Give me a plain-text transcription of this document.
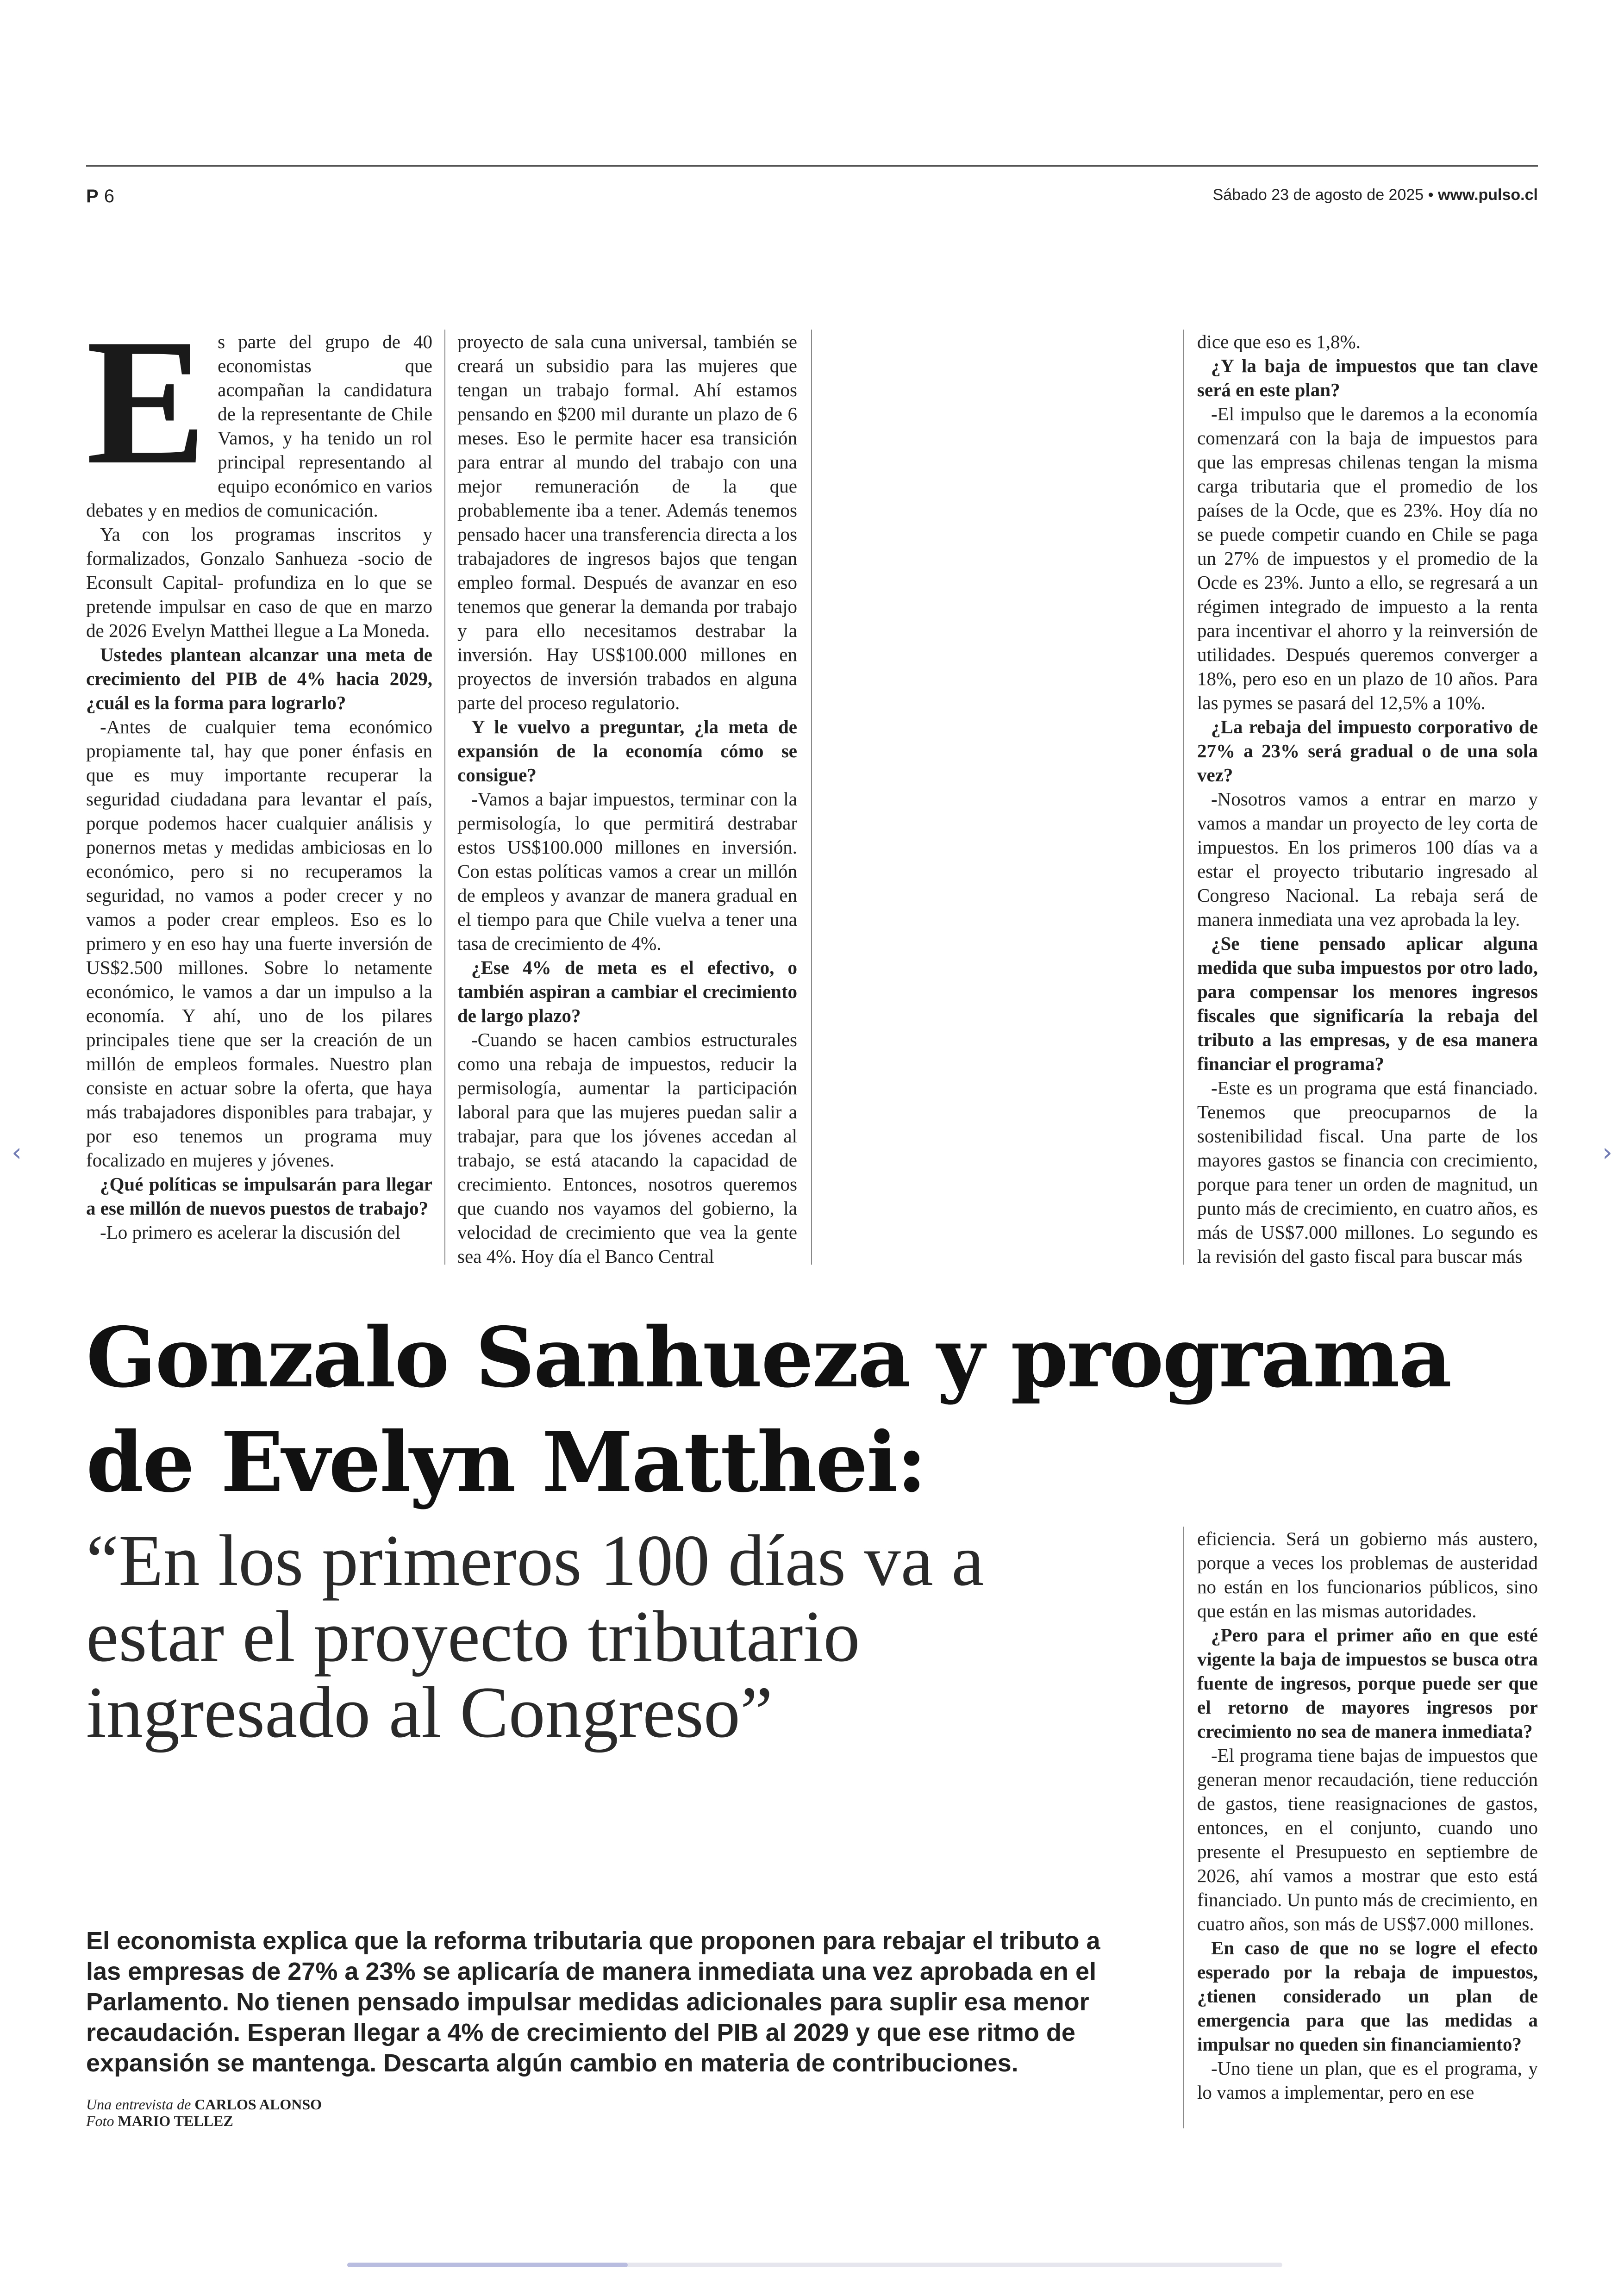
P 6	Sábado 23 de agosto de 2025 • www.pulso.cl
E s parte del grupo de 40 economistas que acompañan la candidatura de la representante de Chile Vamos, y ha tenido un rol principal representando al equipo económico en varios debates y en medios de comunicación.

Ya con los programas inscritos y formalizados, Gonzalo Sanhueza -socio de Econsult Capital- profundiza en lo que se pretende impulsar en caso de que en marzo de 2026 Evelyn Matthei llegue a La Moneda.

Ustedes plantean alcanzar una meta de crecimiento del PIB de 4% hacia 2029, ¿cuál es la forma para lograrlo?

-Antes de cualquier tema económico propiamente tal, hay que poner énfasis en que es muy importante recuperar la seguridad ciudadana para levantar el país, porque podemos hacer cualquier análisis y ponernos metas y medidas ambiciosas en lo económico, pero si no recuperamos la seguridad, no vamos a poder crecer y no vamos a poder crear empleos. Eso es lo primero y en eso hay una fuerte inversión de US$2.500 millones. Sobre lo netamente económico, le vamos a dar un impulso a la economía. Y ahí, uno de los pilares principales tiene que ser la creación de un millón de empleos formales. Nuestro plan consiste en actuar sobre la oferta, que haya más trabajadores disponibles para trabajar, y por eso tenemos un programa muy focalizado en mujeres y jóvenes.

¿Qué políticas se impulsarán para llegar a ese millón de nuevos puestos de trabajo?

-Lo primero es acelerar la discusión del

proyecto de sala cuna universal, también se creará un subsidio para las mujeres que tengan un trabajo formal. Ahí estamos pensando en $200 mil durante un plazo de 6 meses. Eso le permite hacer esa transición para entrar al mundo del trabajo con una mejor remuneración de la que probablemente iba a tener. Además tenemos pensado hacer una transferencia directa a los trabajadores de ingresos bajos que tengan empleo formal. Después de avanzar en eso tenemos que generar la demanda por trabajo y para ello necesitamos destrabar la inversión. Hay US$100.000 millones en proyectos de inversión trabados en alguna parte del proceso regulatorio.

Y le vuelvo a preguntar, ¿la meta de expansión de la economía cómo se consigue?

-Vamos a bajar impuestos, terminar con la permisología, lo que permitirá destrabar estos US$100.000 millones en inversión. Con estas políticas vamos a crear un millón de empleos y avanzar de manera gradual en el tiempo para que Chile vuelva a tener una tasa de crecimiento de 4%.

¿Ese 4% de meta es el efectivo, o también aspiran a cambiar el crecimiento de largo plazo?

-Cuando se hacen cambios estructurales como una rebaja de impuestos, reducir la permisología, aumentar la participación laboral para que las mujeres puedan salir a trabajar, para que los jóvenes accedan al trabajo, se está atacando la capacidad de crecimiento. Entonces, nosotros queremos que cuando nos vayamos del gobierno, la velocidad de crecimiento que vea la gente sea 4%. Hoy día el Banco Central

dice que eso es 1,8%.

¿Y la baja de impuestos que tan clave será en este plan?

-El impulso que le daremos a la economía comenzará con la baja de impuestos para que las empresas chilenas tengan la misma carga tributaria que el promedio de los países de la Ocde, que es 23%. Hoy día no se puede competir cuando en Chile se paga un 27% de impuestos y el promedio de la Ocde es 23%. Junto a ello, se regresará a un régimen integrado de impuesto a la renta para incentivar el ahorro y la reinversión de utilidades. Después queremos converger a 18%, pero eso en un plazo de 10 años. Para las pymes se pasará del 12,5% a 10%.

¿La rebaja del impuesto corporativo de 27% a 23% será gradual o de una sola vez?

-Nosotros vamos a entrar en marzo y vamos a mandar un proyecto de ley corta de impuestos. En los primeros 100 días va a estar el proyecto tributario ingresado al Congreso Nacional. La rebaja será de manera inmediata una vez aprobada la ley.

¿Se tiene pensado aplicar alguna medida que suba impuestos por otro lado, para compensar los menores ingresos fiscales que significaría la rebaja del tributo a las empresas, y de esa manera financiar el programa?

-Este es un programa que está financiado. Tenemos que preocuparnos de la sostenibilidad fiscal. Una parte de los mayores gastos se financia con crecimiento, porque para tener un orden de magnitud, un punto más de crecimiento, en cuatro años, es más de US$7.000 millones. Lo segundo es la revisión del gasto fiscal para buscar más

Gonzalo Sanhueza y programa de Evelyn Matthei:
“En los primeros 100 días va a estar el proyecto tributario ingresado al Congreso”

eficiencia. Será un gobierno más austero, porque a veces los problemas de austeridad no están en los funcionarios públicos, sino que están en las mismas autoridades.

¿Pero para el primer año en que esté vigente la baja de impuestos se busca otra fuente de ingresos, porque puede ser que el retorno de mayores ingresos por crecimiento no sea de manera inmediata?

-El programa tiene bajas de impuestos que generan menor recaudación, tiene reducción de gastos, tiene reasignaciones de gastos, entonces, en el conjunto, cuando uno presente el Presupuesto en septiembre de 2026, ahí vamos a mostrar que esto está financiado. Un punto más de crecimiento, en cuatro años, son más de US$7.000 millones.

En caso de que no se logre el efecto esperado por la rebaja de impuestos, ¿tienen considerado un plan de emergencia para que las medidas a impulsar no queden sin financiamiento?

-Uno tiene un plan, que es el programa, y lo vamos a implementar, pero en ese

El economista explica que la reforma tributaria que proponen para rebajar el tributo a las empresas de 27% a 23% se aplicaría de manera inmediata una vez aprobada en el Parlamento. No tienen pensado impulsar medidas adicionales para suplir esa menor recaudación. Esperan llegar a 4% de crecimiento del PIB al 2029 y que ese ritmo de expansión se mantenga. Descarta algún cambio en materia de contribuciones.
Una entrevista de CARLOS ALONSO
Foto MARIO TELLEZ
‹	›
